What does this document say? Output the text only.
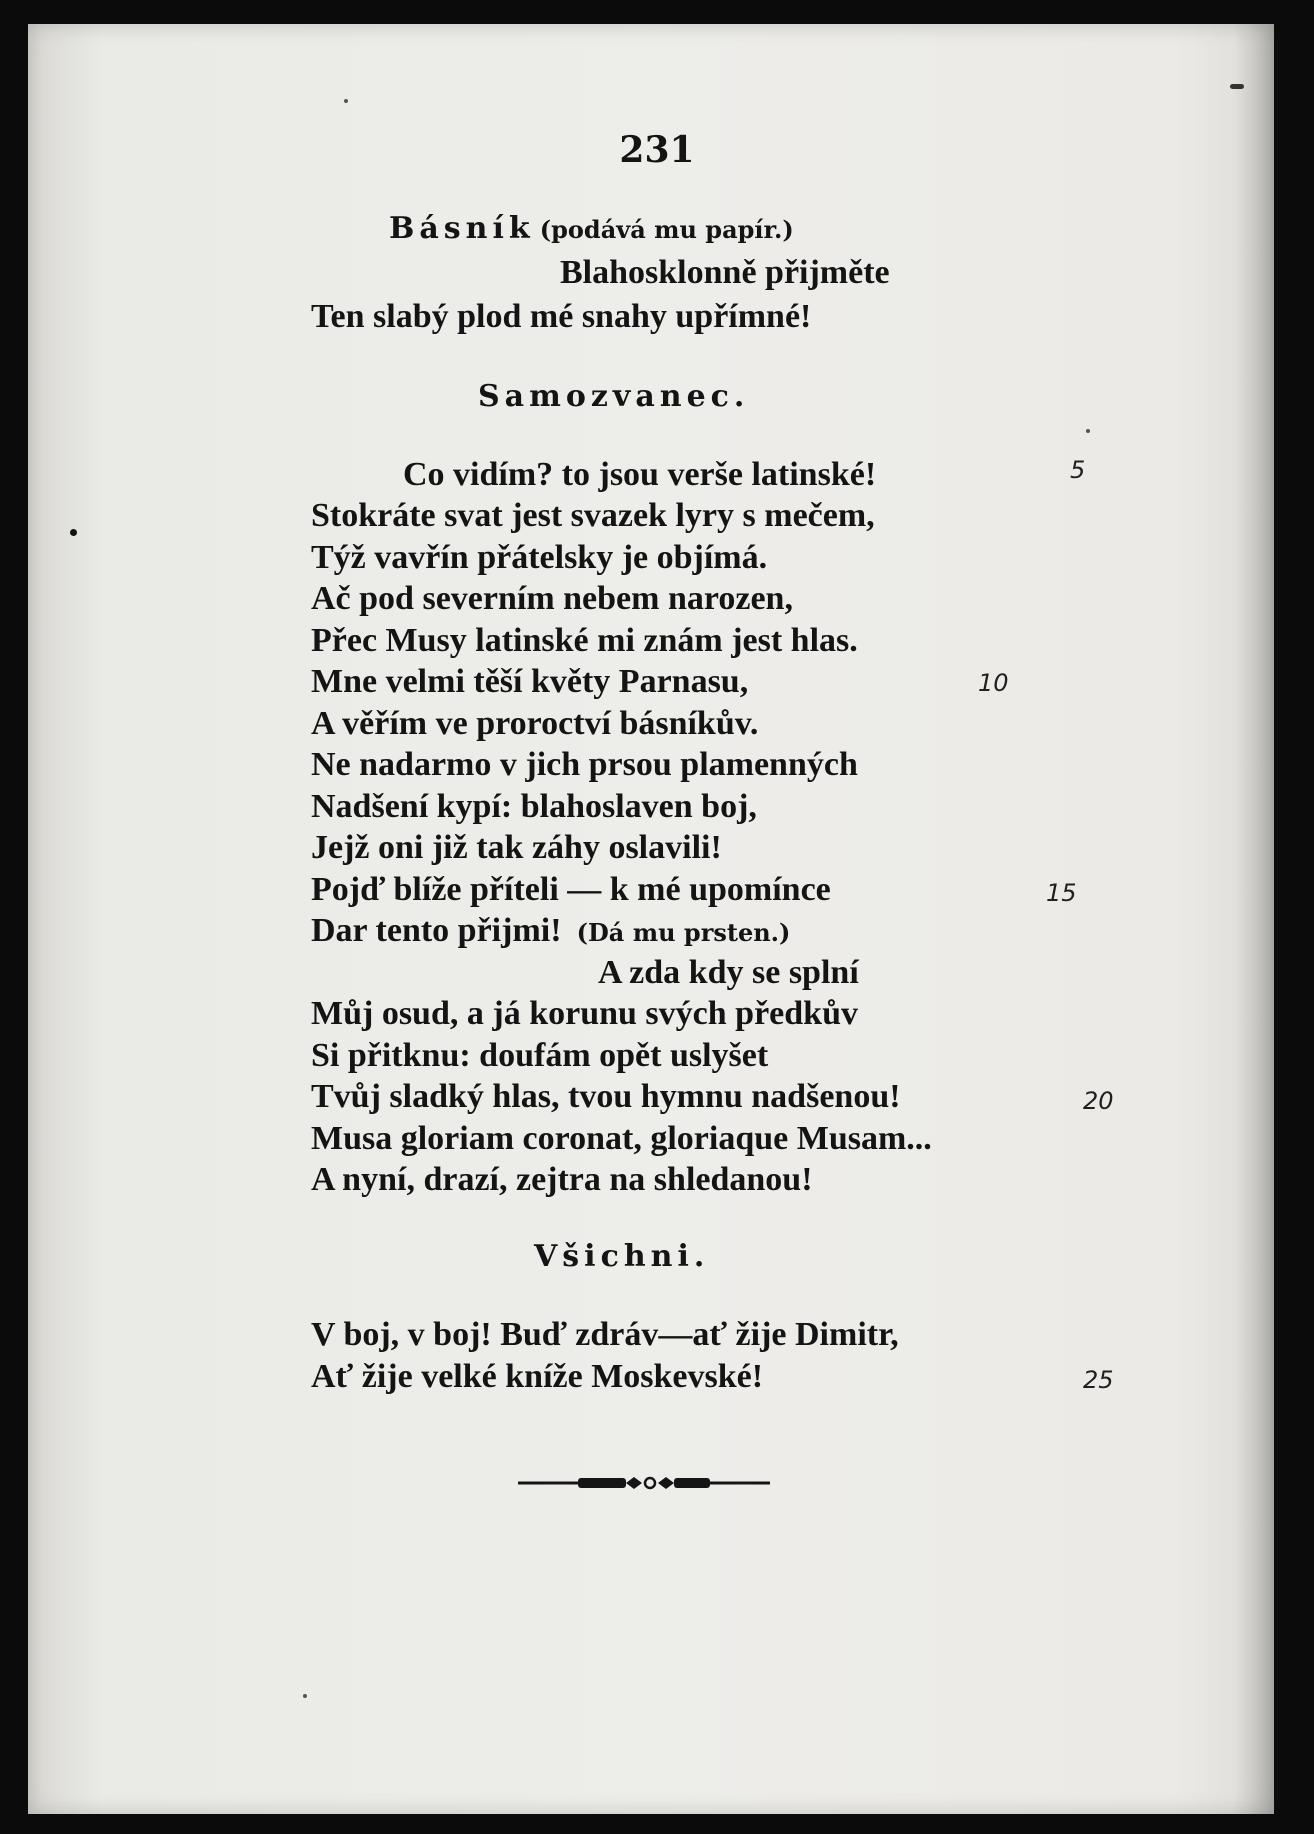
231
Básník (podává mu papír.)
Blahosklonně přijměte
Ten slabý plod mé snahy upřímné!
Samozvanec.
Co vidím? to jsou verše latinské!
Stokráte svat jest svazek lyry s mečem,
Týž vavřín přátelsky je objímá.
Ač pod severním nebem narozen,
Přec Musy latinské mi znám jest hlas.
Mne velmi těší květy Parnasu,
A věřím ve proroctví básníkův.
Ne nadarmo v jich prsou plamenných
Nadšení kypí: blahoslaven boj,
Jejž oni již tak záhy oslavili!
Pojď blíže příteli — k mé upomínce
Dar tento přijmi! (Dá mu prsten.)
A zda kdy se splní
Můj osud, a já korunu svých předkův
Si přitknu: doufám opět uslyšet
Tvůj sladký hlas, tvou hymnu nadšenou!
Musa gloriam coronat, gloriaque Musam...
A nyní, drazí, zejtra na shledanou!
Všichni.
V boj, v boj! Buď zdráv—ať žije Dimitr,
Ať žije velké kníže Moskevské!
5
10
15
20
25
